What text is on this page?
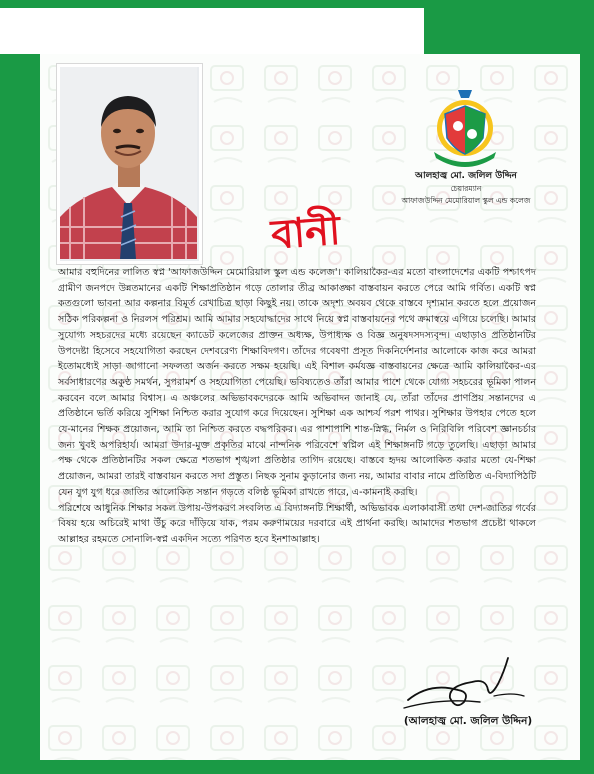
আলহাজ্ব মো. জলিল উদ্দিন
চেয়ারম্যান
আফাজউদ্দিন মেমোরিয়াল স্কুল এন্ড কলেজ
বানী

আমার বহুদিনের লালিত স্বপ্ন 'আফাজউদ্দিন মেমোরিয়াল স্কুল এন্ড কলেজ'। কালিয়াকৈর-এর মতো বাংলাদেশের একটি পশ্চাৎপদ গ্রামীণ জনপদে উন্নতমানের একটি শিক্ষাপ্রতিষ্ঠান গড়ে তোলার তীব্র আকাঙ্ক্ষা বাস্তবায়ন করতে পেরে আমি গর্বিত। একটি স্বপ্ন কতগুলো ভাবনা আর কল্পনার বিমূর্ত রেখাচিত্র ছাড়া কিছুই নয়। তাকে অদৃশ্য অবয়ব থেকে বাস্তবে দৃশ্যমান করতে হলে প্রয়োজন সঠিক পরিকল্পনা ও নিরলস পরিশ্রম। আমি আমার সহযোদ্ধাদের সাথে নিয়ে স্বপ্ন বাস্তবায়নের পথে ক্রমাস্বয়ে এগিয়ে চলেছি। আমার সুযোগ্য সহচরদের মধ্যে রয়েছেন ক্যাডেট কলেজের প্রাক্তন অধ্যক্ষ, উপাধ্যক্ষ ও বিজ্ঞ অনুষদসদস্যবৃন্দ। এছাড়াও প্রতিষ্ঠানটির উপদেষ্টা হিসেবে সহযোগিতা করছেন দেশবরেণ্য শিক্ষাবিদগণ। তাঁদের গবেষণা প্রসূত দিকনির্দেশনার আলোকে কাজ করে আমরা ইতোমধ্যেই সাড়া জাগানো সফলতা অর্জন করতে সক্ষম হয়েছি। এই বিশাল কর্মযজ্ঞ বাস্তবায়নের ক্ষেত্রে আমি কালিয়াকৈর-এর সর্বসাধারণের অকুণ্ঠ সমর্থন, সুপরামর্শ ও সহযোগিতা পেয়েছি। ভবিষ্যতেও তাঁরা আমার পাশে থেকে যোগ্য সহচরের ভূমিকা পালন করবেন বলে আমার বিশ্বাস। এ অঞ্চলের অভিভাবকদেরকে আমি অভিবাদন জানাই যে, তাঁরা তাঁদের প্রাণপ্রিয় সন্তানদের এ প্রতিষ্ঠানে ভর্তি করিয়ে সুশিক্ষা নিশ্চিত করার সুযোগ করে দিয়েছেন। সুশিক্ষা এক আশ্চর্য পরশ পাথর। সুশিক্ষার উপহার পেতে হলে যে-মানের শিক্ষক প্রয়োজন, আমি তা নিশ্চিত করতে বদ্ধপরিকর। এর পাশাপাশি শান্ত-স্নিগ্ধ, নির্মল ও নিরিবিলি পরিবেশ জ্ঞানচর্চার জন্য খুবই অপরিহার্য। আমরা উদার-মুক্ত প্রকৃতির মাঝে নান্দনিক পরিবেশে স্বপ্নিল এই শিক্ষাঙ্গনটি গড়ে তুলেছি। এছাড়া আমার পক্ষ থেকে প্রতিষ্ঠানটির সকল ক্ষেত্রে শতভাগ শৃঙ্খলা প্রতিষ্ঠার তাগিদ রয়েছে। বাস্তবে হৃদয় আলোকিত করার মতো যে-শিক্ষা প্রয়োজন, আমরা তারই বাস্তবায়ন করতে সদা প্রস্তুত। নিছক সুনাম কুড়ানোর জন্য নয়, আমার বাবার নামে প্রতিষ্ঠিত এ-বিদ্যাপিঠটি যেন যুগ যুগ ধরে জাতির আলোকিত সন্তান গড়তে বলিষ্ঠ ভূমিকা রাখতে পারে, এ-কামনাই করছি।

পরিশেষে আধুনিক শিক্ষার সকল উপায়-উপকরণ সংবলিত এ বিদ্যাঙ্গনটি শিক্ষার্থী, অভিভাবক এলাকাবাসী তথা দেশ-জাতির গর্বের বিষয় হয়ে অচিরেই মাথা উঁচু করে দাঁড়িয়ে যাক, পরম করুণাময়ের দরবারে এই প্রার্থনা করছি। আমাদের শতভাগ প্রচেষ্টা থাকলে আল্লাহর রহমতে সোনালি-স্বপ্ন একদিন সত্যে পরিণত হবে ইনশাআল্লাহ।

(আলহাজ্ব মো. জলিল উদ্দিন)
